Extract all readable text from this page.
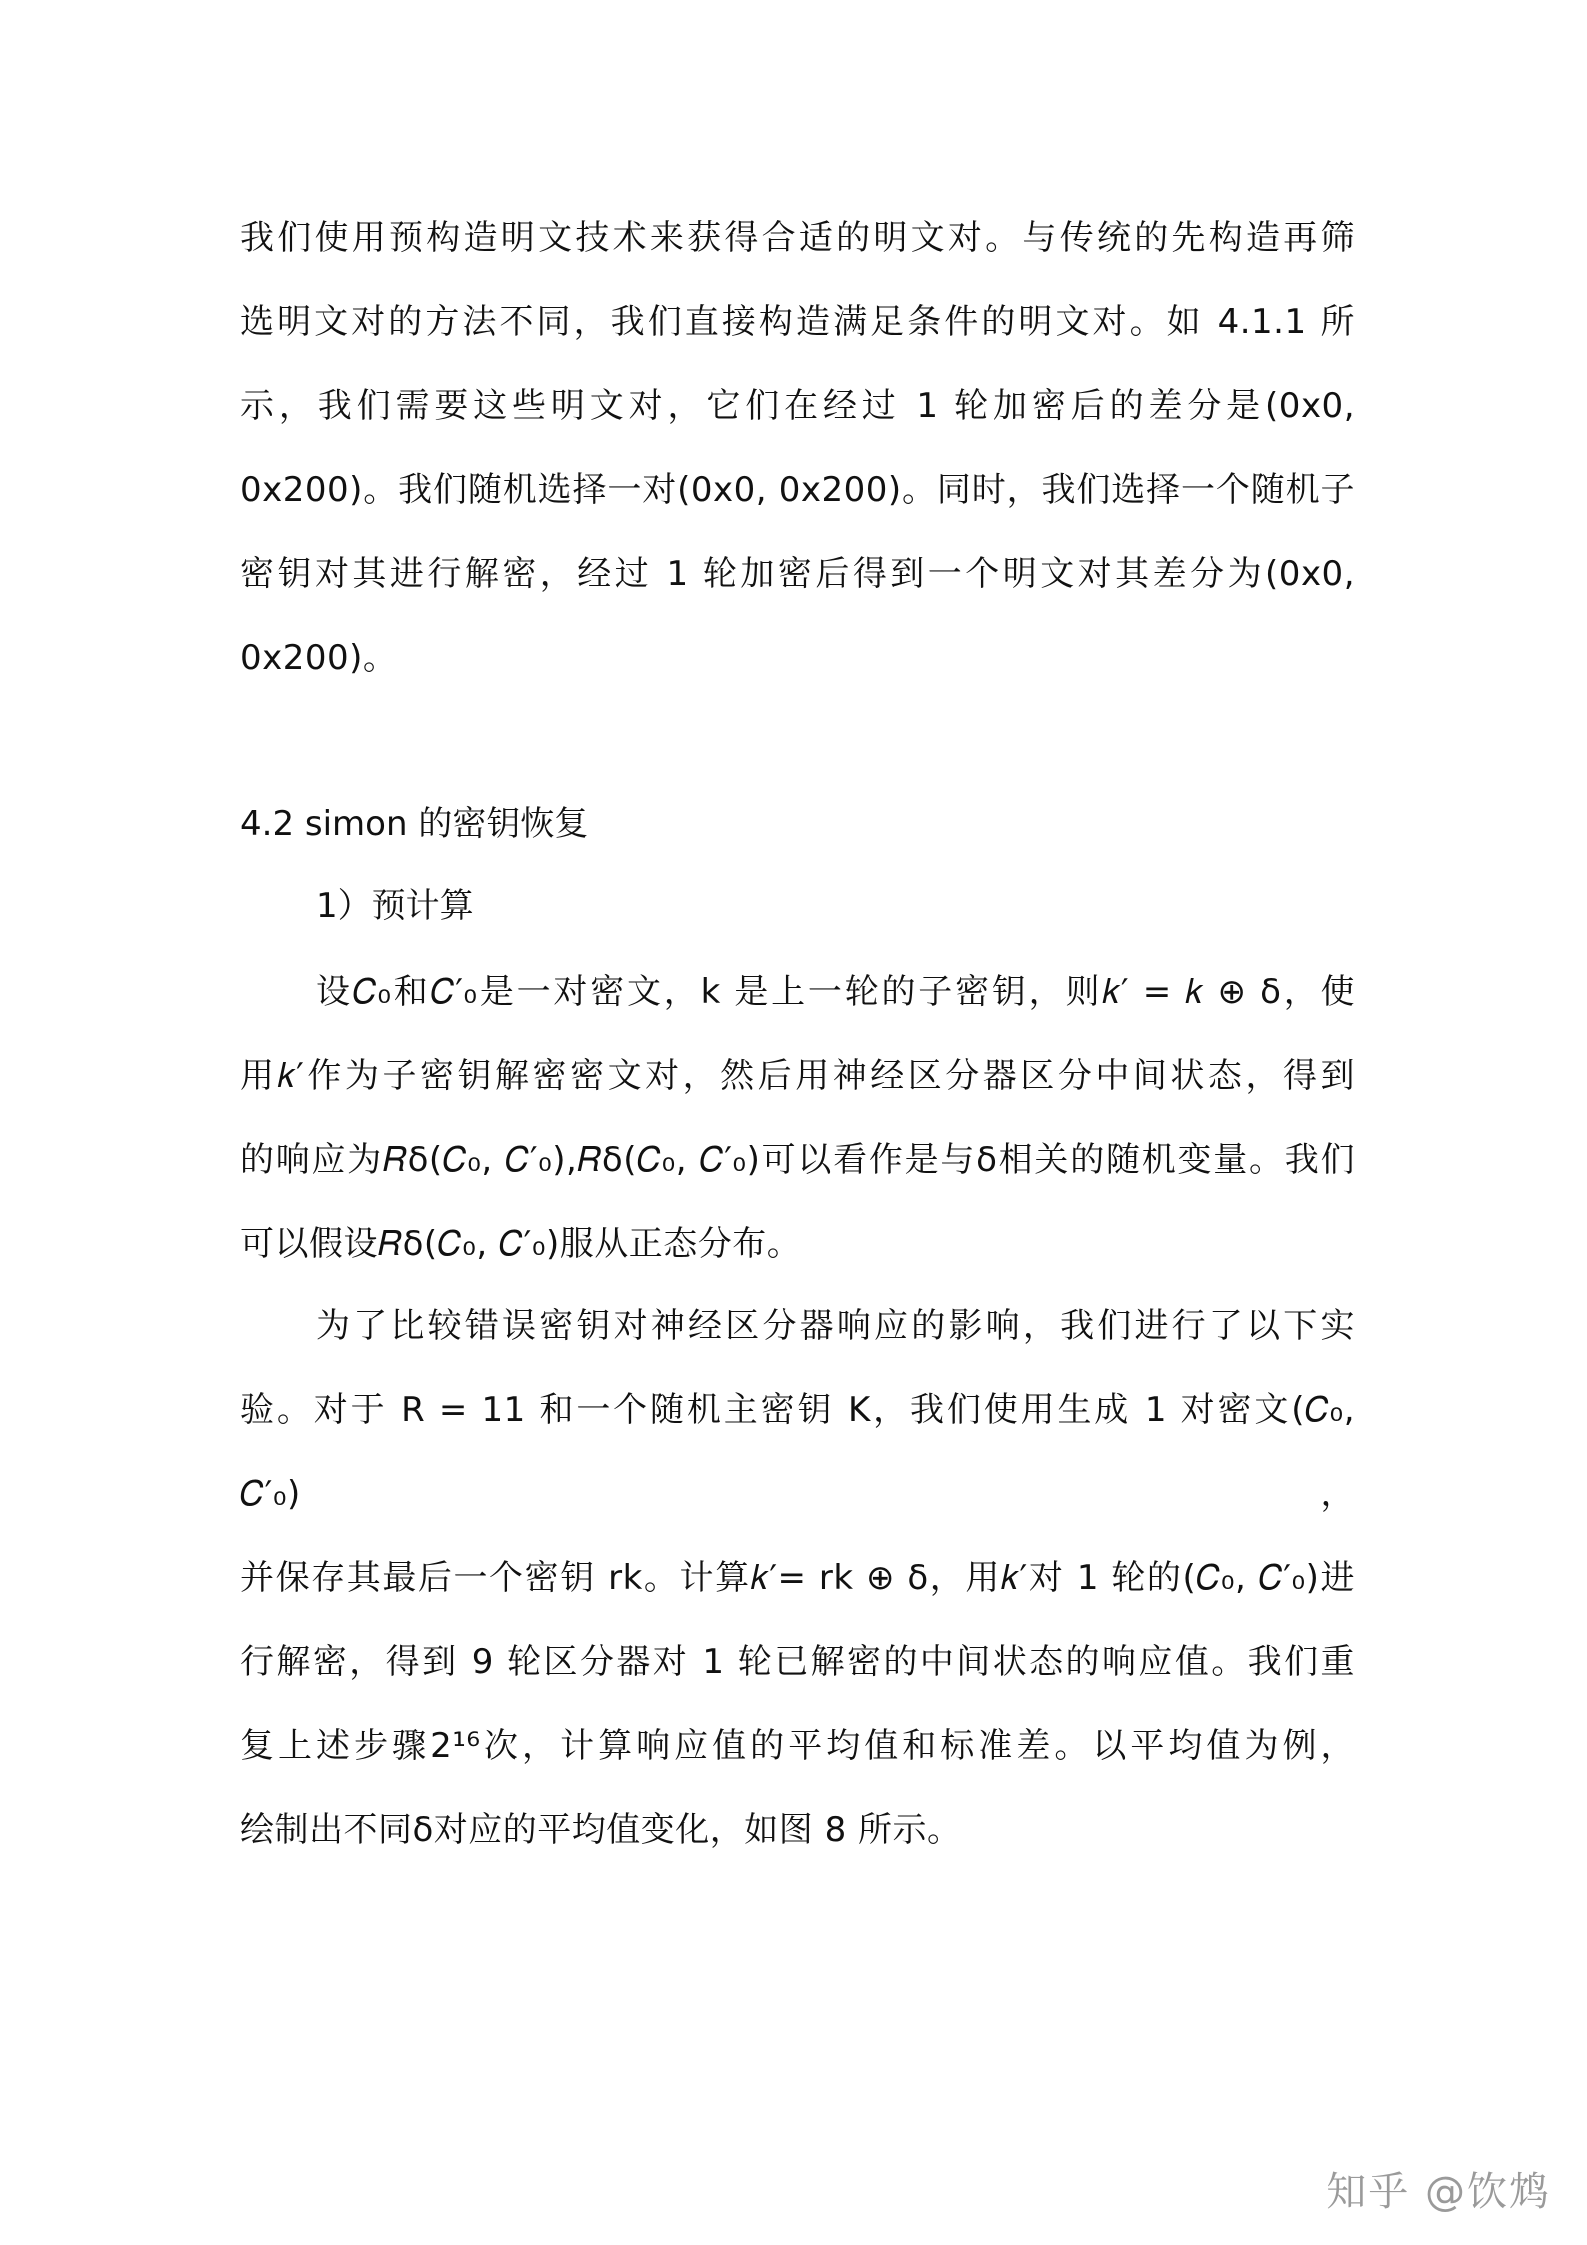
我们使用预构造明文技术来获得合适的明文对。与传统的先构造再筛
选明文对的方法不同，我们直接构造满足条件的明文对。如 4.1.1 所
示，我们需要这些明文对，它们在经过 1 轮加密后的差分是(0x0,
0x200)。我们随机选择一对(0x0, 0x200)。同时，我们选择一个随机子
密钥对其进行解密，经过 1 轮加密后得到一个明文对其差分为(0x0,
0x200)。
4.2 simon 的密钥恢复
1）预计算
设𝐶₀和𝐶′₀是一对密文，k 是上一轮的子密钥，则𝑘′ = 𝑘 ⊕ δ，使
用𝑘′作为子密钥解密密文对，然后用神经区分器区分中间状态，得到
的响应为𝑅δ(𝐶₀, 𝐶′₀),𝑅δ(𝐶₀, 𝐶′₀)可以看作是与δ相关的随机变量。我们
可以假设𝑅δ(𝐶₀, 𝐶′₀)服从正态分布。
为了比较错误密钥对神经区分器响应的影响，我们进行了以下实
验。对于 R = 11 和一个随机主密钥 K，我们使用生成 1 对密文(𝐶₀, 𝐶′₀)，
并保存其最后一个密钥 rk。计算𝑘′= rk ⊕ δ，用𝑘′对 1 轮的(𝐶₀, 𝐶′₀)进
行解密，得到 9 轮区分器对 1 轮已解密的中间状态的响应值。我们重
复上述步骤2¹⁶次，计算响应值的平均值和标准差。以平均值为例，
绘制出不同δ对应的平均值变化，如图 8 所示。
知乎 @饮鸩
